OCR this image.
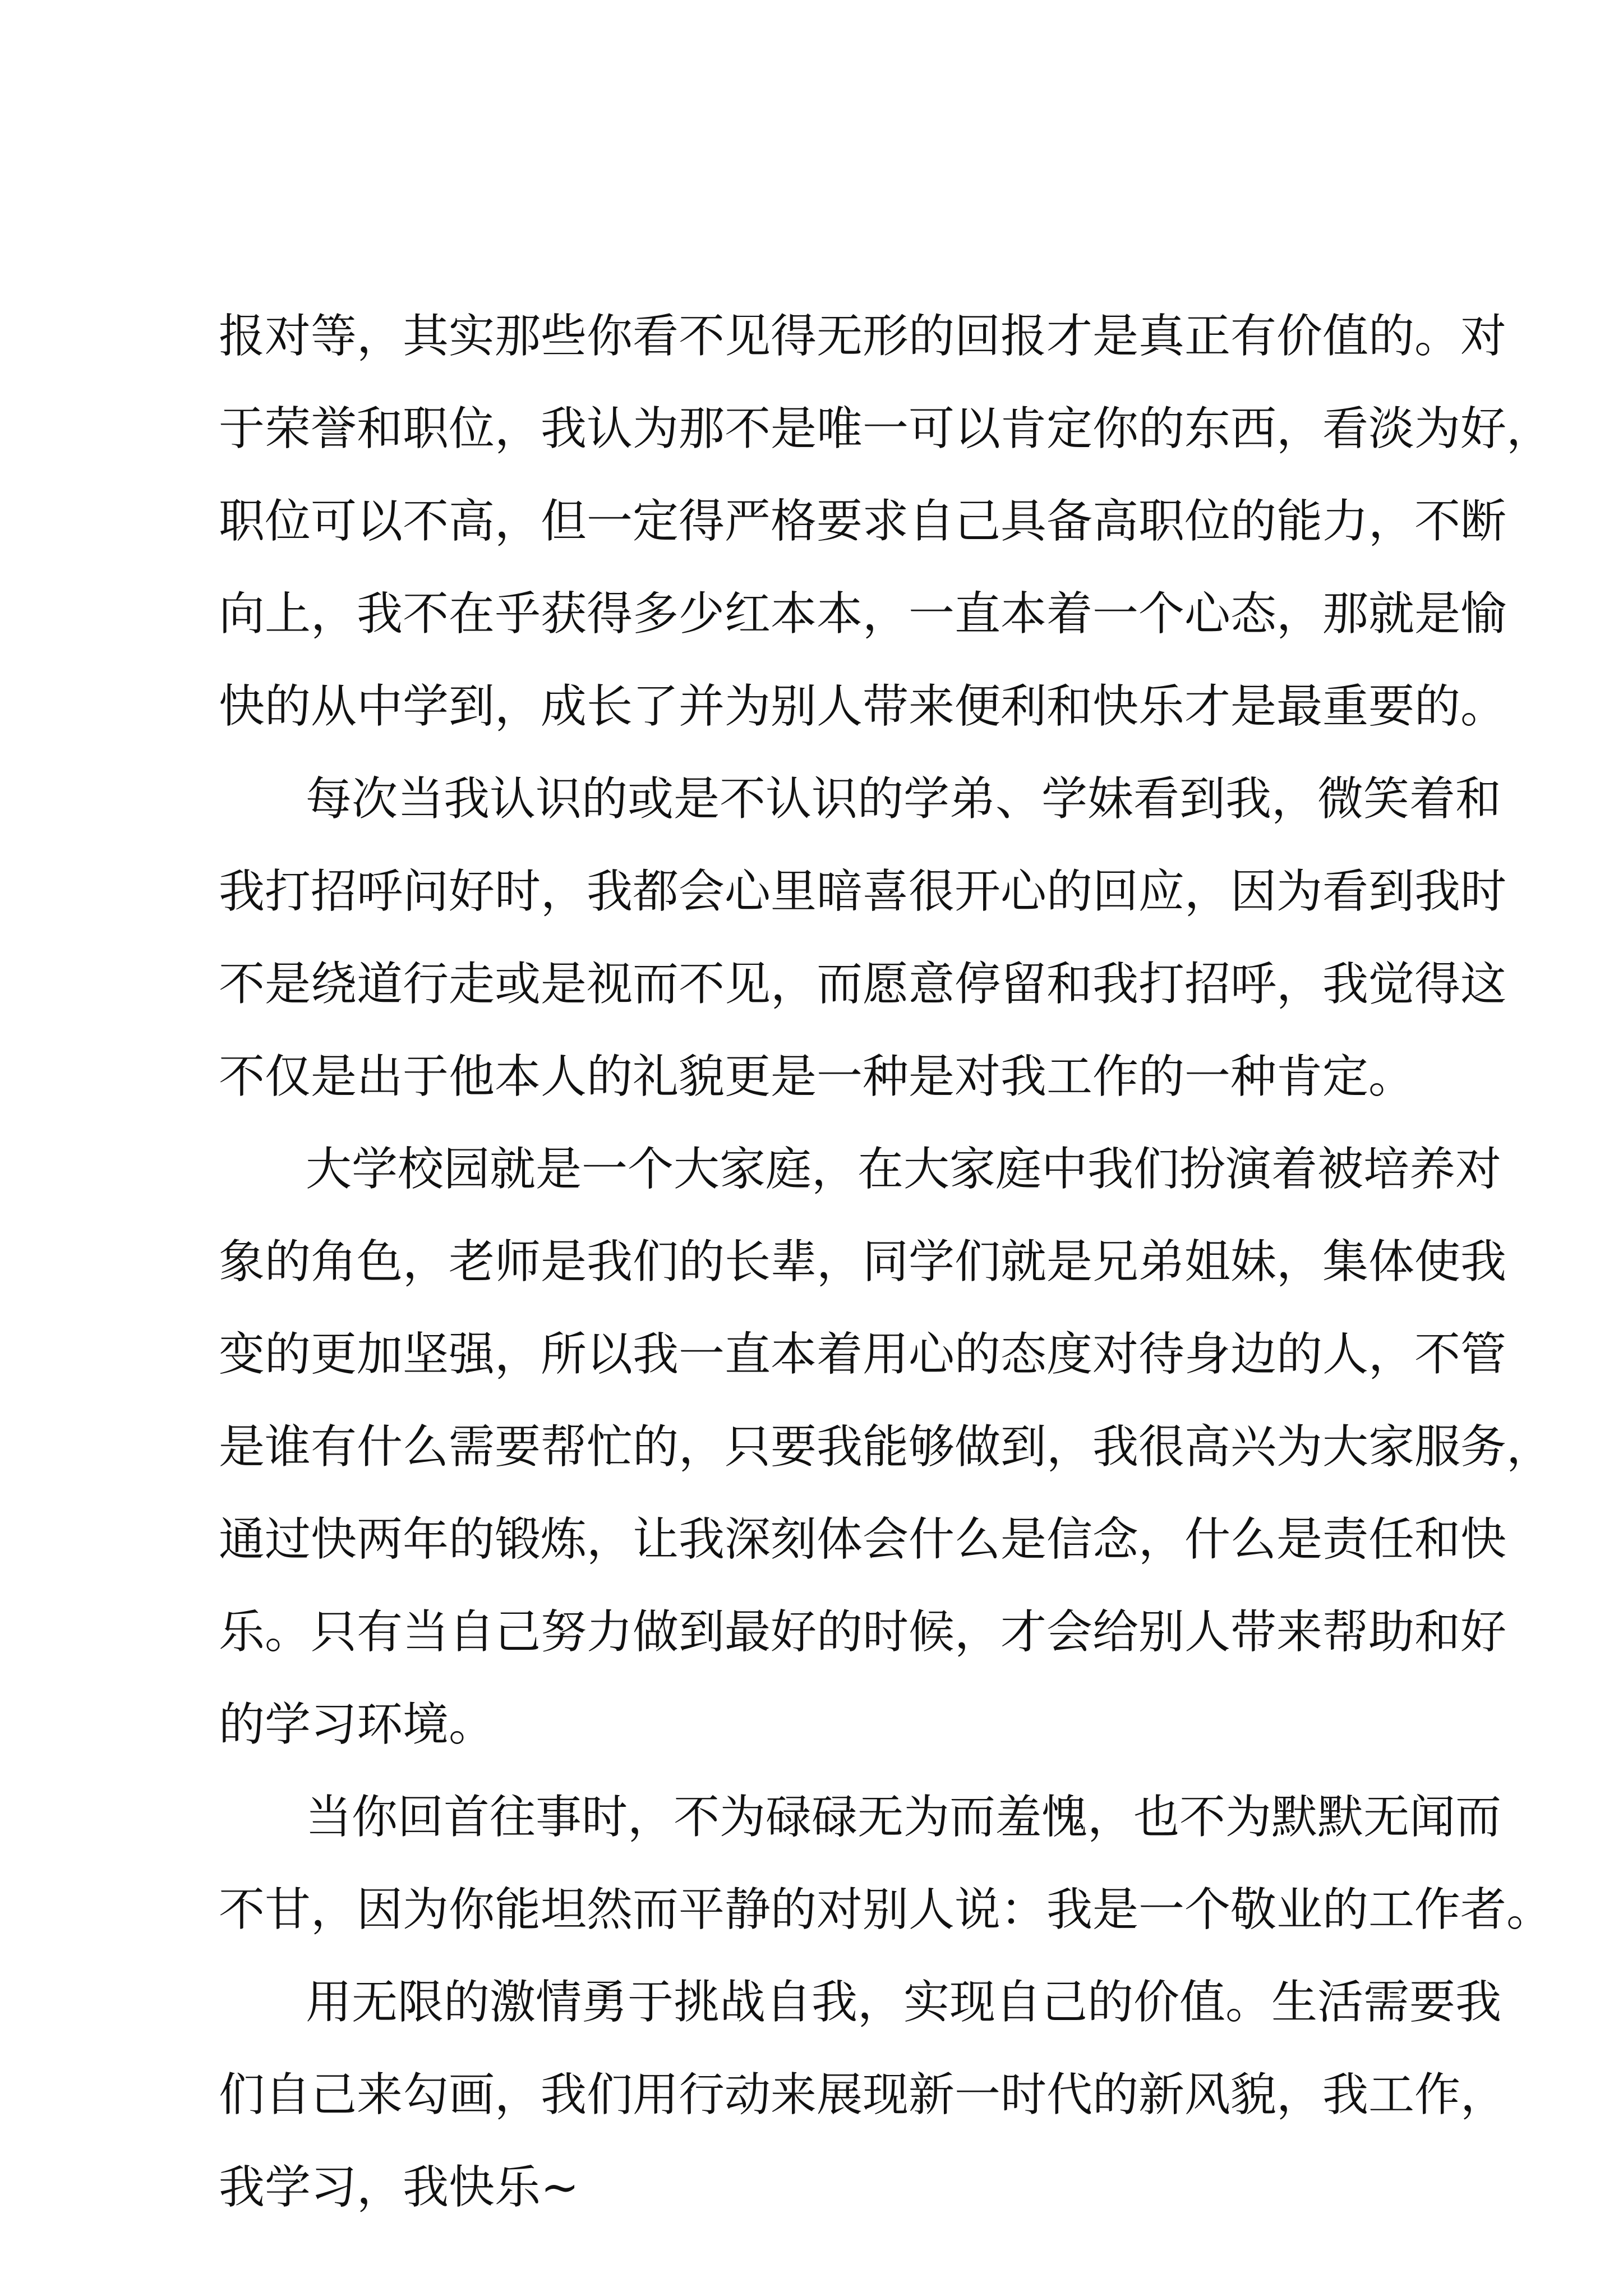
报对等，其实那些你看不见得无形的回报才是真正有价值的。对
于荣誉和职位，我认为那不是唯一可以肯定你的东西，看淡为好，
职位可以不高，但一定得严格要求自己具备高职位的能力，不断
向上，我不在乎获得多少红本本，一直本着一个心态，那就是愉
快的从中学到，成长了并为别人带来便利和快乐才是最重要的。
每次当我认识的或是不认识的学弟、学妹看到我，微笑着和
我打招呼问好时，我都会心里暗喜很开心的回应，因为看到我时
不是绕道行走或是视而不见，而愿意停留和我打招呼，我觉得这
不仅是出于他本人的礼貌更是一种是对我工作的一种肯定。
大学校园就是一个大家庭，在大家庭中我们扮演着被培养对
象的角色，老师是我们的长辈，同学们就是兄弟姐妹，集体使我
变的更加坚强，所以我一直本着用心的态度对待身边的人，不管
是谁有什么需要帮忙的，只要我能够做到，我很高兴为大家服务，
通过快两年的锻炼，让我深刻体会什么是信念，什么是责任和快
乐。只有当自己努力做到最好的时候，才会给别人带来帮助和好
的学习环境。
当你回首往事时，不为碌碌无为而羞愧，也不为默默无闻而
不甘，因为你能坦然而平静的对别人说：我是一个敬业的工作者。
用无限的激情勇于挑战自我，实现自己的价值。生活需要我
们自己来勾画，我们用行动来展现新一时代的新风貌，我工作，
我学习，我快乐~
